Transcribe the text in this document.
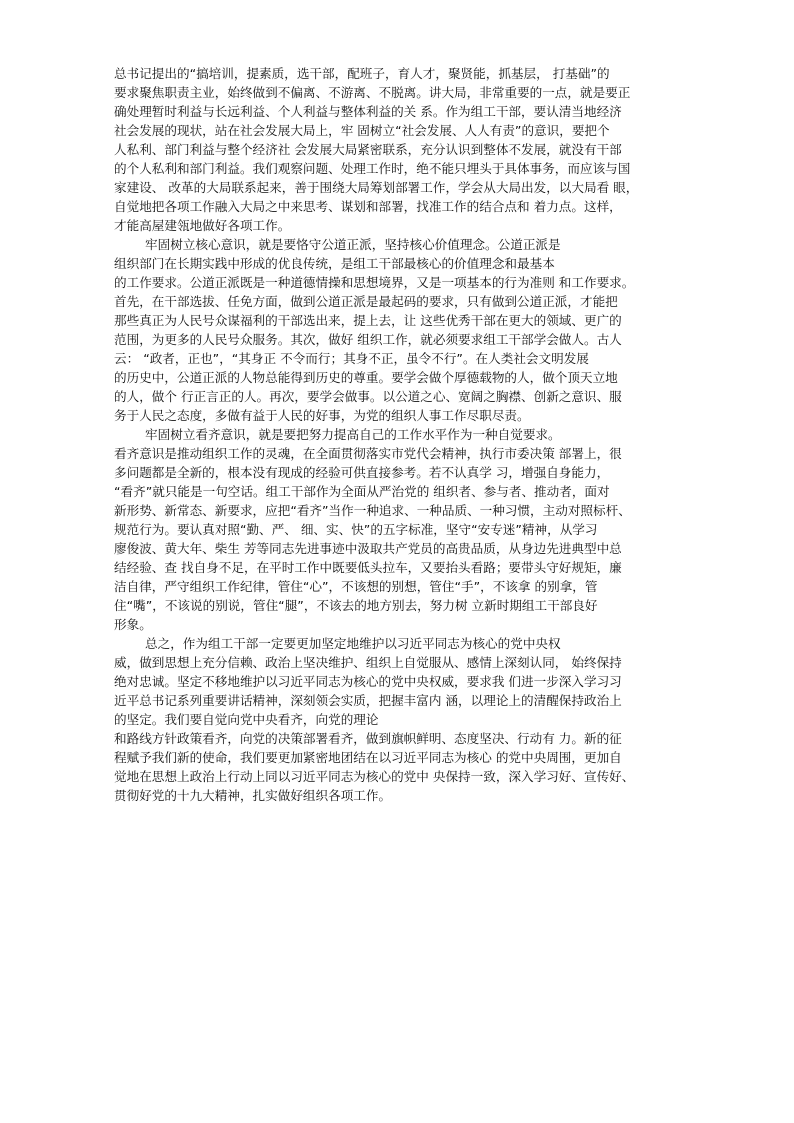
总书记提出的“搞培训，提素质，选干部，配班子，育人才，聚贤能，抓基层， 打基础”的
要求聚焦职责主业，始终做到不偏离、不游离、不脱离。讲大局，非常重要的一点，就是要正
确处理暂时利益与长远利益、个人利益与整体利益的关 系。作为组工干部，要认清当地经济
社会发展的现状，站在社会发展大局上，牢 固树立“社会发展、人人有责”的意识，要把个
人私利、部门利益与整个经济社 会发展大局紧密联系，充分认识到整体不发展，就没有干部
的个人私利和部门利益。我们观察问题、处理工作时，绝不能只埋头于具体事务，而应该与国
家建设、 改革的大局联系起来，善于围绕大局筹划部署工作，学会从大局出发，以大局看 眼，
自觉地把各项工作融入大局之中来思考、谋划和部署，找准工作的结合点和 着力点。这样，
才能高屋建瓴地做好各项工作。
牢固树立核心意识，就是要恪守公道正派，坚持核心价值理念。公道正派是
组织部门在长期实践中形成的优良传统，是组工干部最核心的价值理念和最基本
的工作要求。公道正派既是一种道德情操和思想境界，又是一项基本的行为准则 和工作要求。
首先，在干部选拔、任免方面，做到公道正派是最起码的要求，只有做到公道正派，才能把
那些真正为人民号众谋福利的干部选出来，提上去，让 这些优秀干部在更大的领域、更广的
范围，为更多的人民号众服务。其次，做好 组织工作，就必须要求组工干部学会做人。古人
云： “政者，正也”，“其身正 不令而行；其身不正，虽令不行”。在人类社会文明发展
的历史中，公道正派的人物总能得到历史的尊重。要学会做个厚德载物的人，做个顶天立地
的人，做个 行正言正的人。再次，要学会做事。以公道之心、宽阔之胸襟、创新之意识、服
务于人民之态度，多做有益于人民的好事，为党的组织人事工作尽职尽责。
牢固树立看齐意识，就是要把努力提高自己的工作水平作为一种自觉要求。
看齐意识是推动组织工作的灵魂，在全面贯彻落实市党代会精神，执行市委决策 部署上，很
多问题都是全新的，根本没有现成的经验可供直接参考。若不认真学 习，增强自身能力，
“看齐”就只能是一句空话。组工干部作为全面从严治党的 组织者、参与者、推动者，面对
新形势、新常态、新要求，应把“看齐”当作一种追求、一种品质、一种习惯，主动对照标杆、
规范行为。要认真对照“勤、严、 细、实、快”的五字标准，坚守“安专迷”精神，从学习
廖俊波、黄大年、柴生 芳等同志先进事迹中汲取共产党员的高贵品质，从身边先进典型中总
结经验、查 找自身不足，在平时工作中既要低头拉车，又要抬头看路；要带头守好规矩，廉
洁自律，严守组织工作纪律，管住“心”，不该想的别想，管住“手”，不该拿 的别拿，管
住“嘴”，不该说的别说，管住“腿”，不该去的地方别去，努力树 立新时期组工干部良好
形象。
总之，作为组工干部一定要更加坚定地维护以习近平同志为核心的党中央权
威，做到思想上充分信赖、政治上坚决维护、组织上自觉服从、感情上深刻认同， 始终保持
绝对忠诚。坚定不移地维护以习近平同志为核心的党中央权威，要求我 们进一步深入学习习
近平总书记系列重要讲话精神，深刻领会实质，把握丰富内 涵，以理论上的清醒保持政治上
的坚定。我们要自觉向党中央看齐，向党的理论
和路线方针政策看齐，向党的决策部署看齐，做到旗帜鲜明、态度坚决、行动有 力。新的征
程赋予我们新的使命，我们要更加紧密地团结在以习近平同志为核心 的党中央周围，更加自
觉地在思想上政治上行动上同以习近平同志为核心的党中 央保持一致，深入学习好、宣传好、
贯彻好党的十九大精神，扎实做好组织各项工作。
